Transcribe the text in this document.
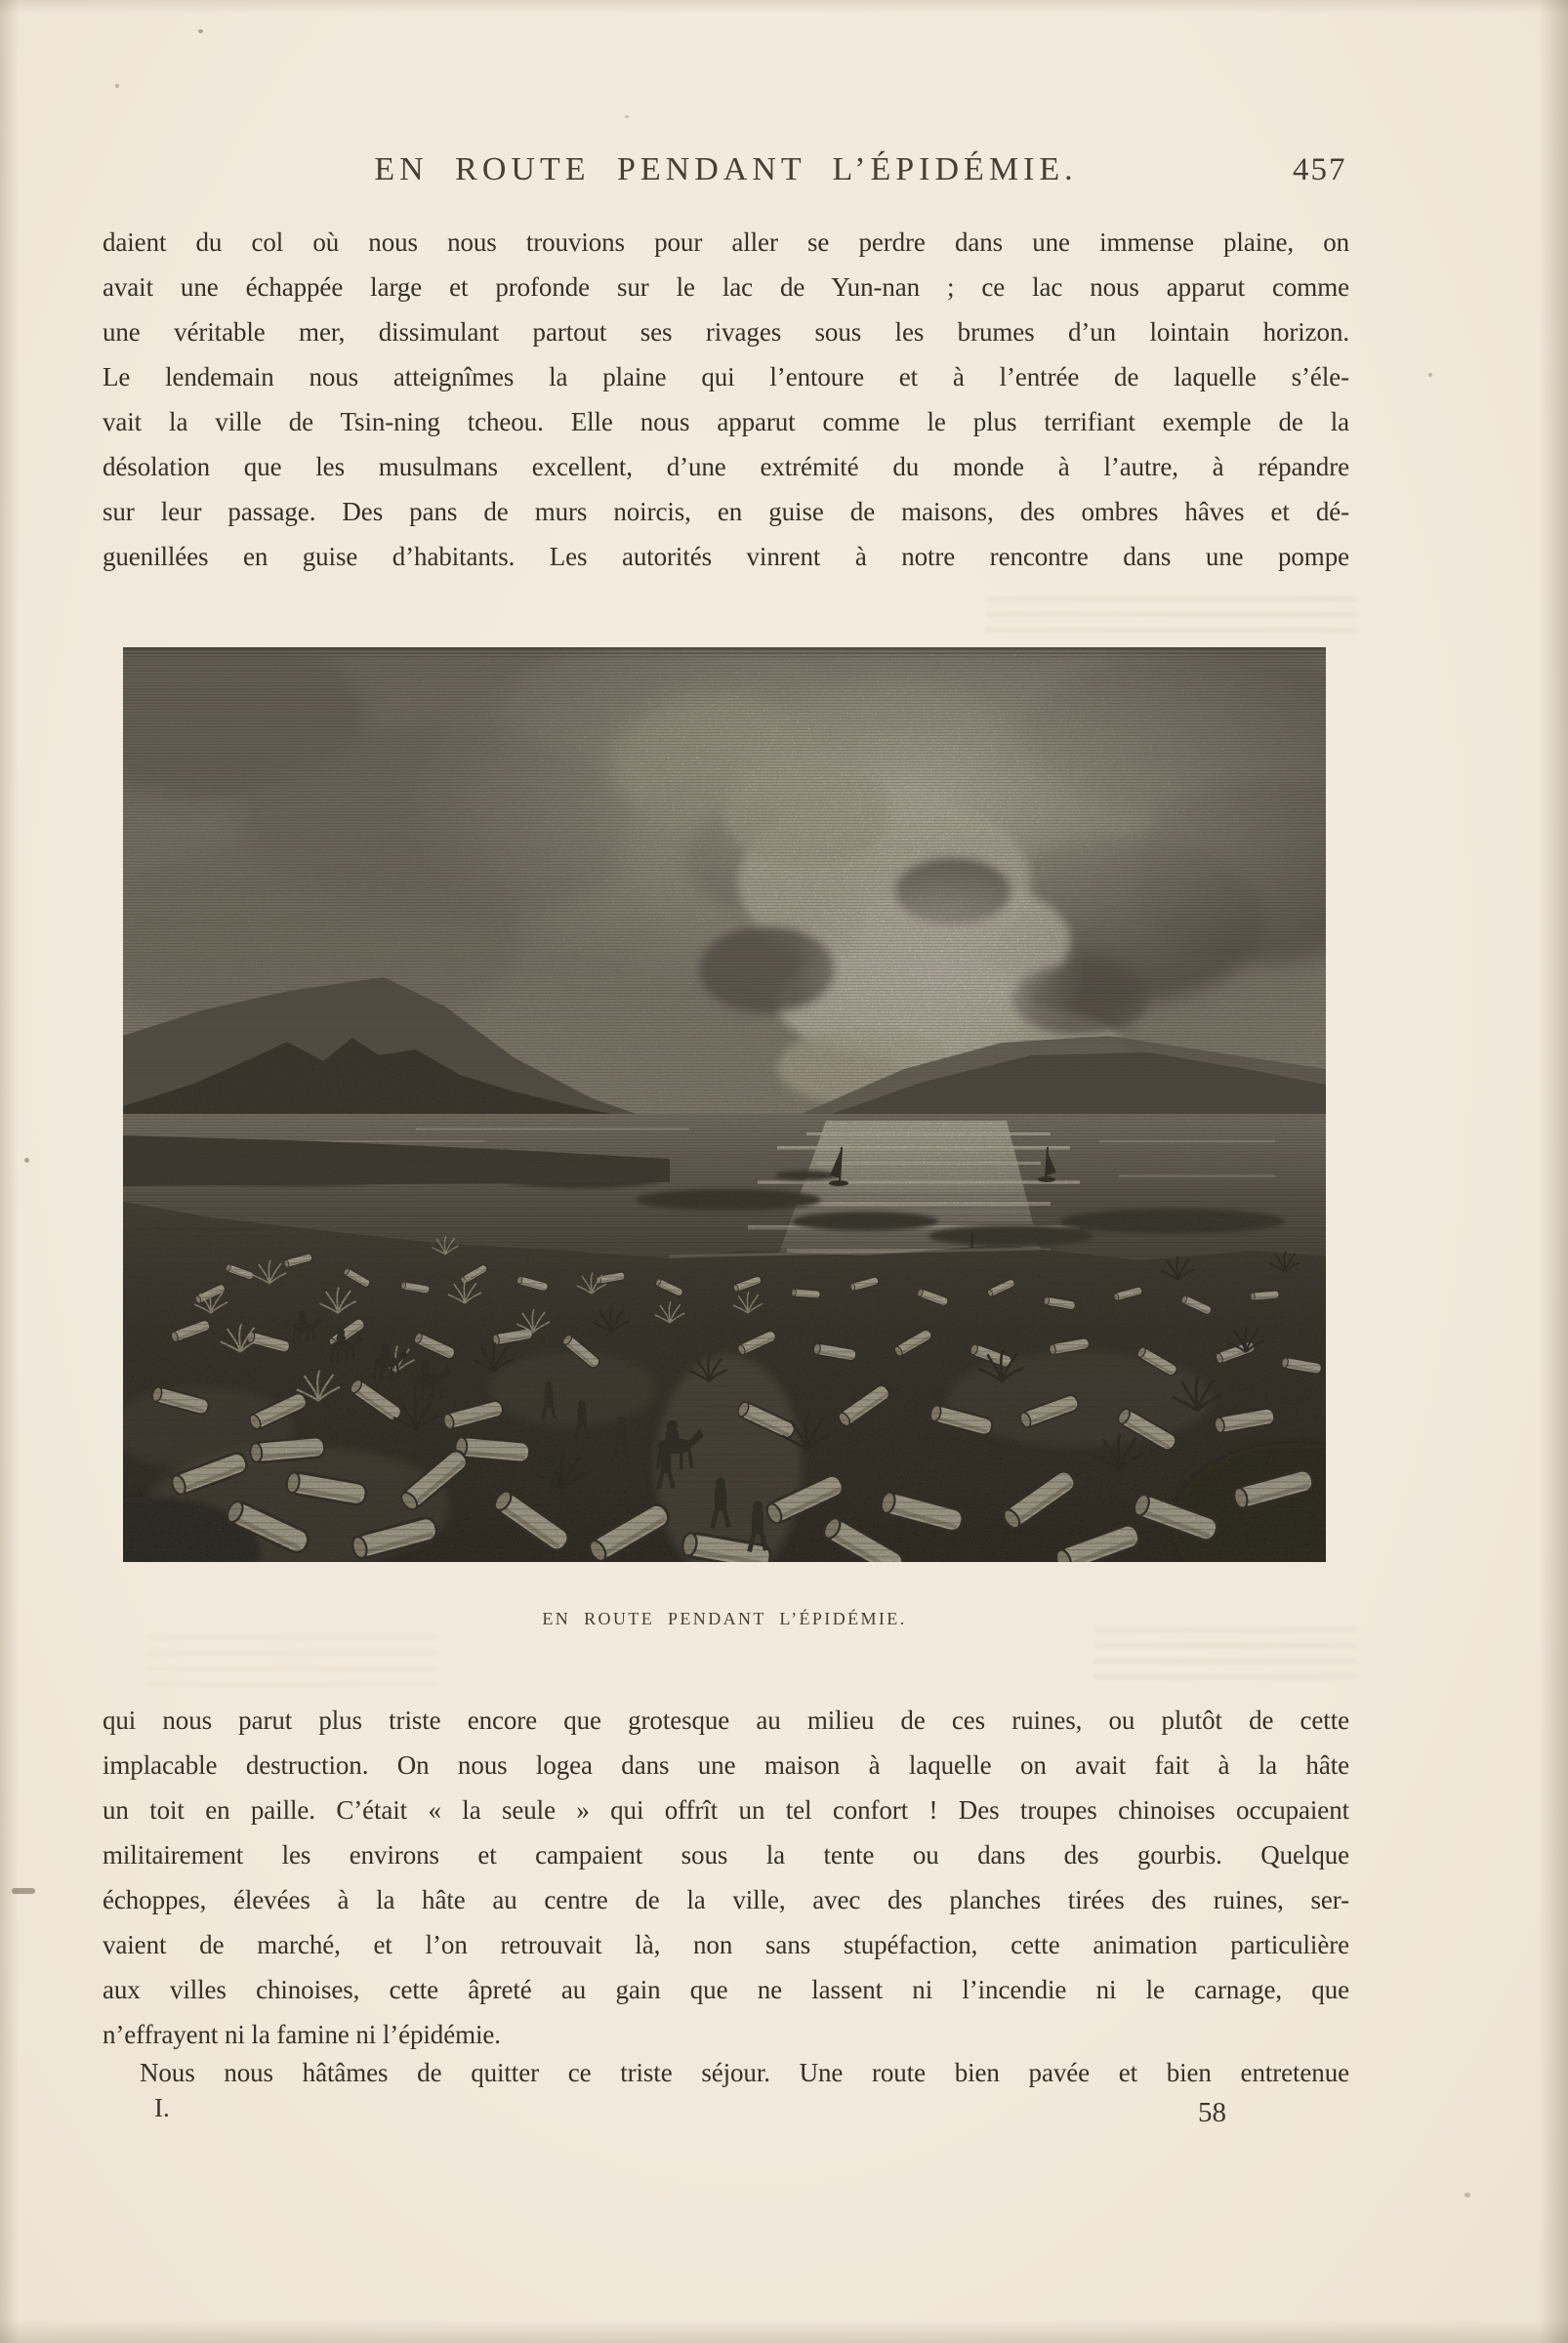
EN ROUTE PENDANT L’ÉPIDÉMIE.	457
daient du col où nous nous trouvions pour aller se perdre dans une immense plaine, on
avait une échappée large et profonde sur le lac de Yun-nan ; ce lac nous apparut comme
une véritable mer, dissimulant partout ses rivages sous les brumes d’un lointain horizon.
Le lendemain nous atteignîmes la plaine qui l’entoure et à l’entrée de laquelle s’éle-
vait la ville de Tsin-ning tcheou. Elle nous apparut comme le plus terrifiant exemple de la
désolation que les musulmans excellent, d’une extrémité du monde à l’autre, à répandre
sur leur passage. Des pans de murs noircis, en guise de maisons, des ombres hâves et dé-
guenillées en guise d’habitants. Les autorités vinrent à notre rencontre dans une pompe
EN ROUTE PENDANT L’ÉPIDÉMIE.
qui nous parut plus triste encore que grotesque au milieu de ces ruines, ou plutôt de cette
implacable destruction. On nous logea dans une maison à laquelle on avait fait à la hâte
un toit en paille. C’était « la seule » qui offrît un tel confort ! Des troupes chinoises occupaient
militairement les environs et campaient sous la tente ou dans des gourbis. Quelque
échoppes, élevées à la hâte au centre de la ville, avec des planches tirées des ruines, ser-
vaient de marché, et l’on retrouvait là, non sans stupéfaction, cette animation particulière
aux villes chinoises, cette âpreté au gain que ne lassent ni l’incendie ni le carnage, que
n’effrayent ni la famine ni l’épidémie.
Nous nous hâtâmes de quitter ce triste séjour. Une route bien pavée et bien entretenue
I.	58
